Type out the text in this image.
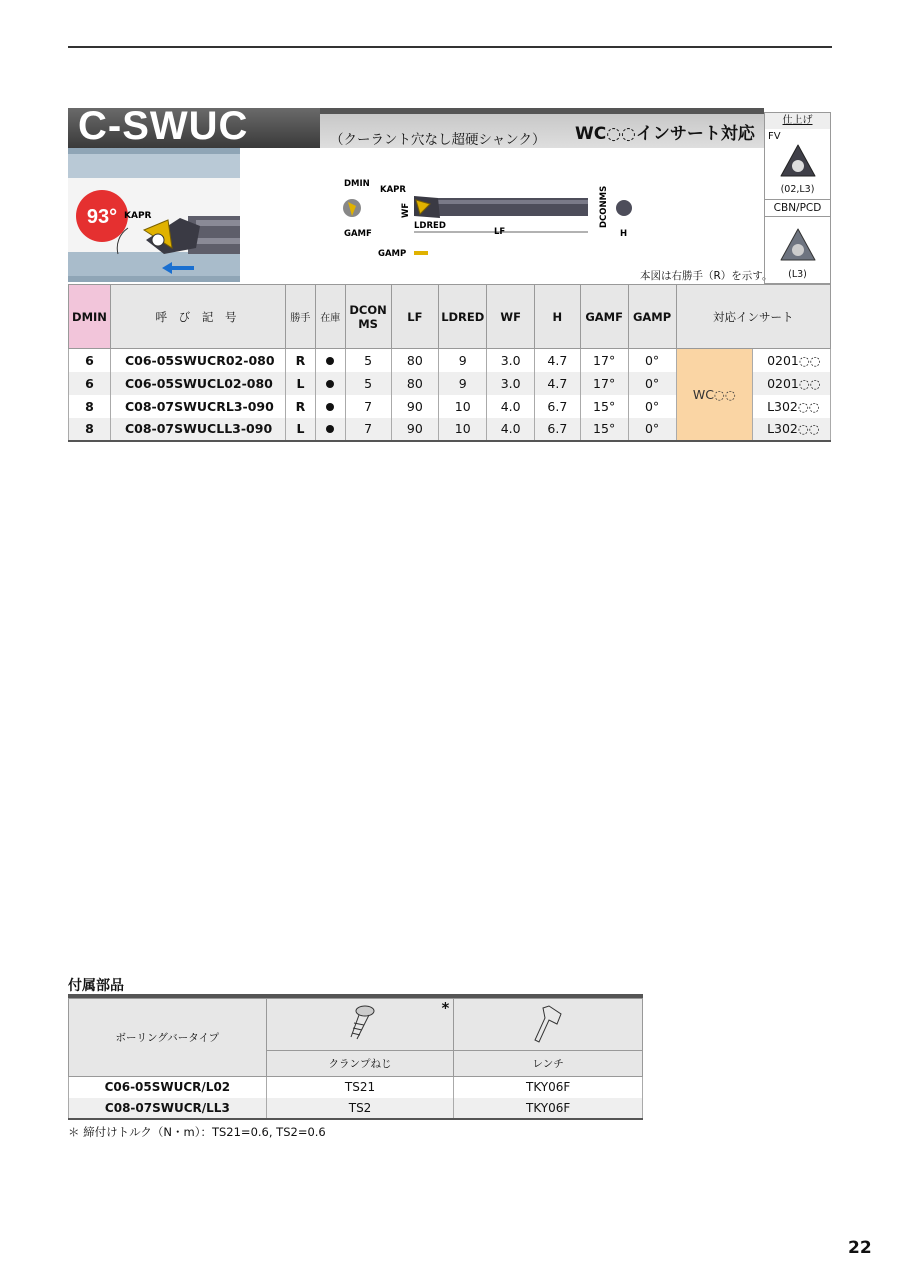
C-SWUC	（クーラント穴なし超硬シャンク） WC◌◌インサート対応
93° KAPR
DMIN
GAMF
KAPR
WF
LDRED
LF
DCONMS
H
GAMP
本図は右勝手（R）を示す。
仕上げ
FV
(02,L3)
CBN/PCD
(L3)
DMIN	呼 び 記 号	勝手	在庫	DCON MS	LF	LDRED	WF	H	GAMF	GAMP	対応インサート	
6	C06-05SWUCR02-080	R		5	80	9	3.0	4.7	17°	0°	WC◌◌	0201◌◌
6	C06-05SWUCL02-080	L		5	80	9	3.0	4.7	17°	0°		0201◌◌
8	C08-07SWUCRL3-090	R		7	90	10	4.0	6.7	15°	0°		L302◌◌
8	C08-07SWUCLL3-090	L		7	90	10	4.0	6.7	15°	0°		L302◌◌
付属部品
ボーリングバータイプ	*

	クランプねじ	レンチ
C06-05SWUCR/L02	TS21	TKY06F
C08-07SWUCR/LL3	TS2	TKY06F
＊ 締付けトルク（N・m）：TS21=0.6, TS2=0.6
22
